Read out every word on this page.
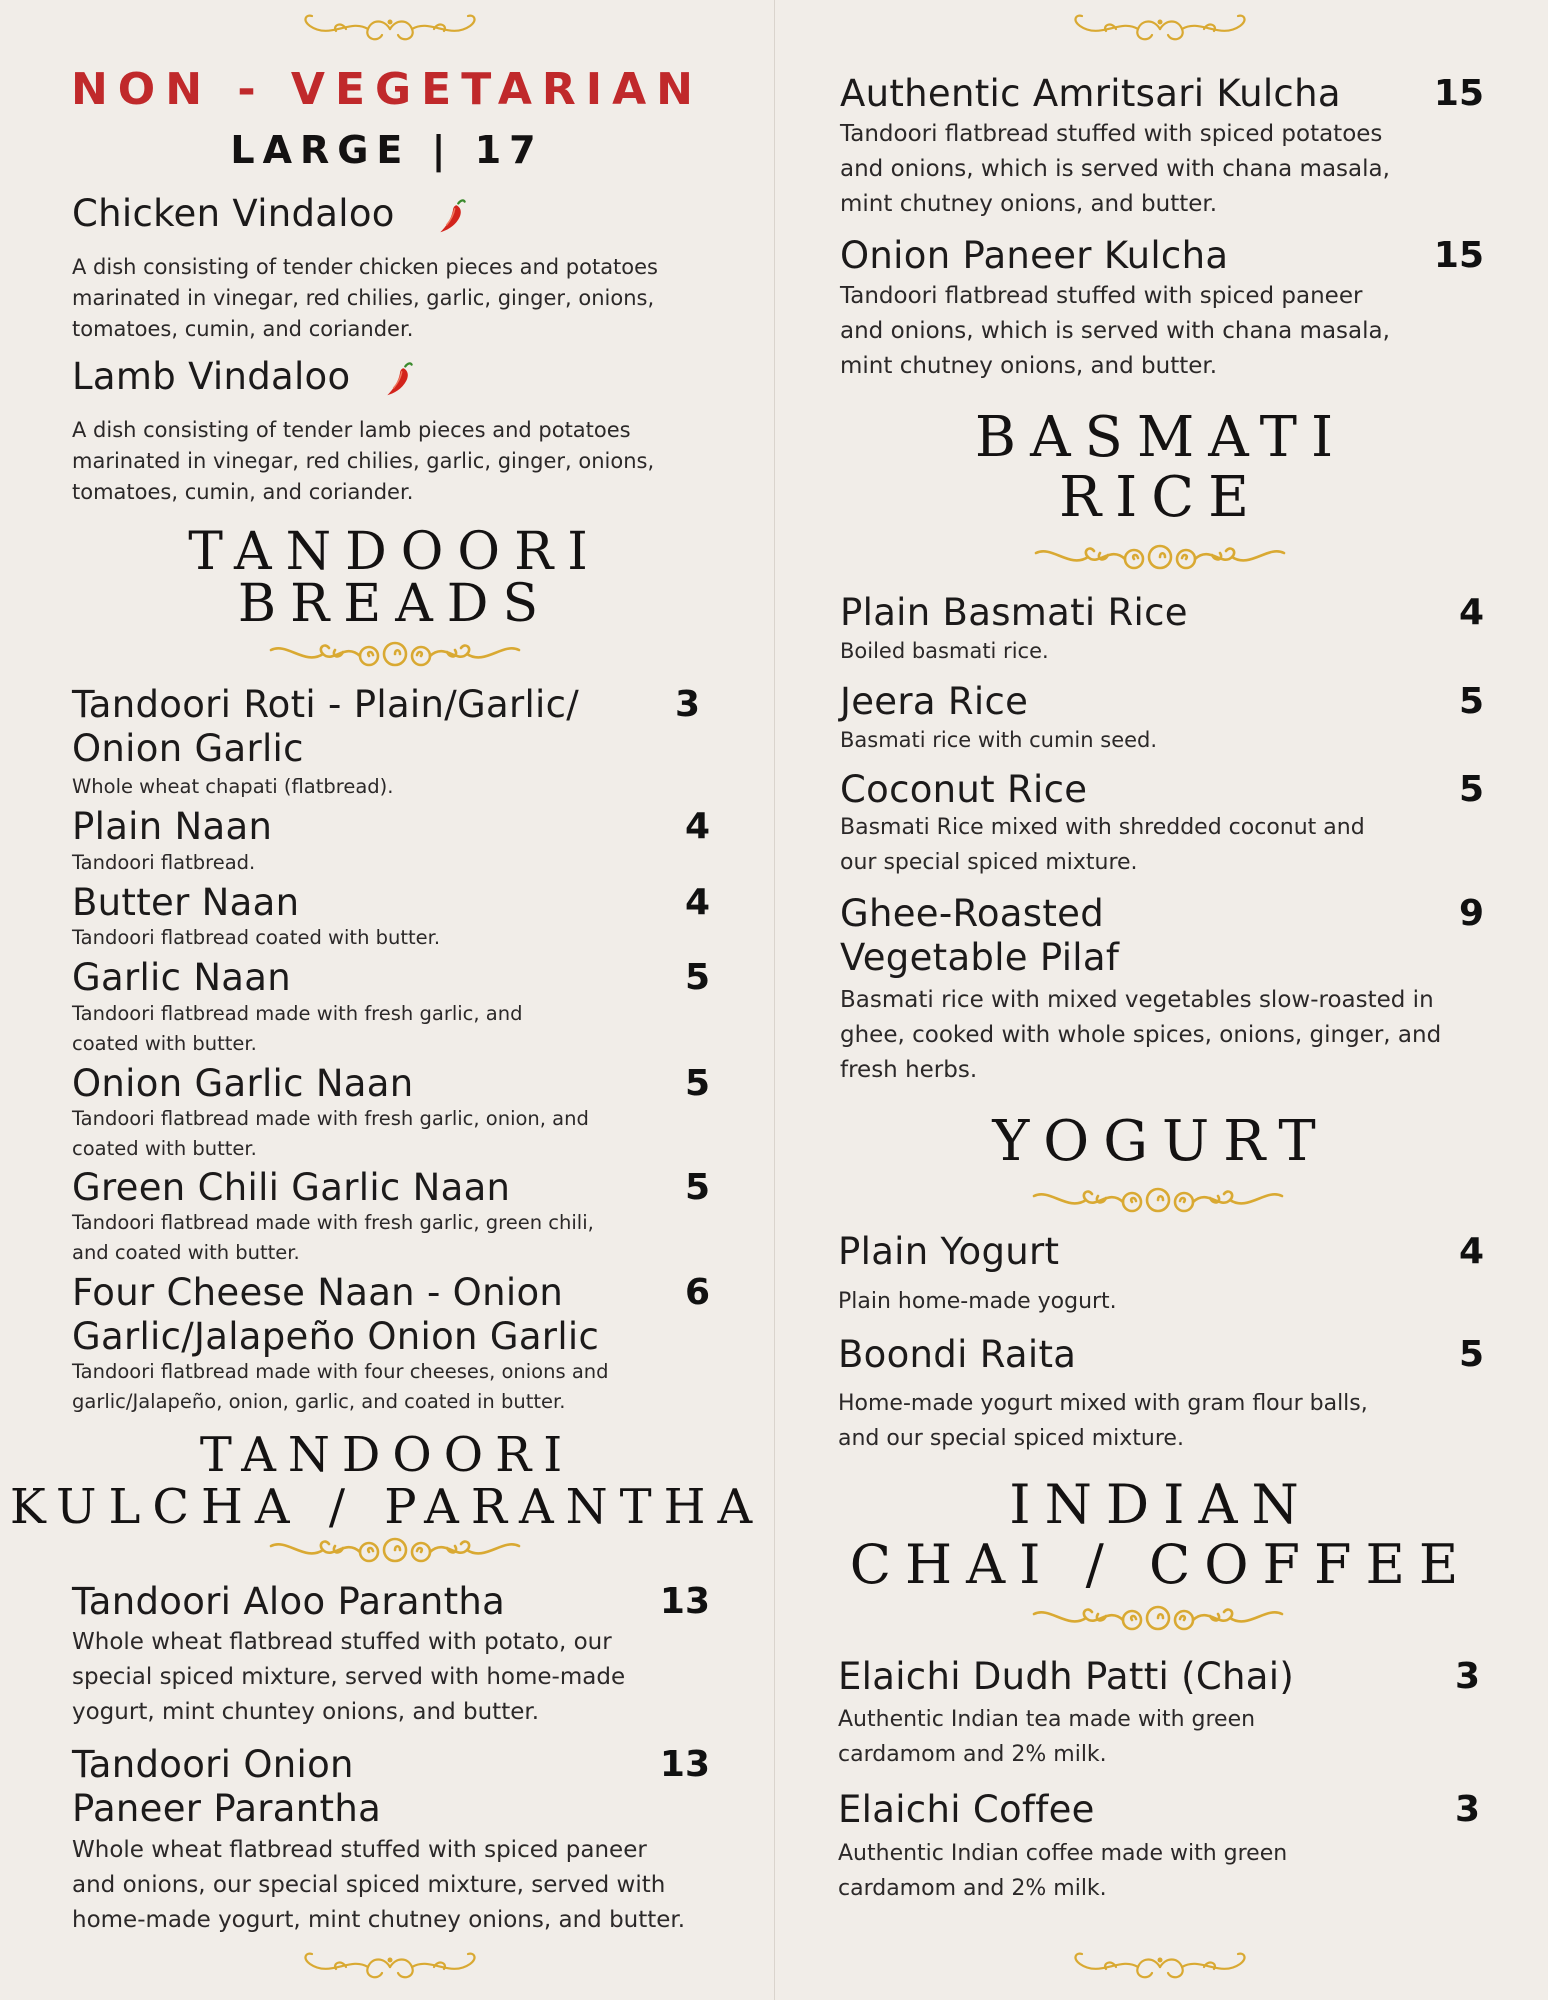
NON - VEGETARIAN
LARGE | 17
Chicken Vindaloo
A dish consisting of tender chicken pieces and potatoes
marinated in vinegar, red chilies, garlic, ginger, onions,
tomatoes, cumin, and coriander.
Lamb Vindaloo
A dish consisting of tender lamb pieces and potatoes
marinated in vinegar, red chilies, garlic, ginger, onions,
tomatoes, cumin, and coriander.
TANDOORI
BREADS
Tandoori Roti - Plain/Garlic/
Onion Garlic
3
Whole wheat chapati (flatbread).
Plain Naan	4
Tandoori flatbread.
Butter Naan	4
Tandoori flatbread coated with butter.
Garlic Naan	5
Tandoori flatbread made with fresh garlic, and
coated with butter.
Onion Garlic Naan	5
Tandoori flatbread made with fresh garlic, onion, and
coated with butter.
Green Chili Garlic Naan	5
Tandoori flatbread made with fresh garlic, green chili,
and coated with butter.
Four Cheese Naan - Onion
Garlic/Jalapeño Onion Garlic
6
Tandoori flatbread made with four cheeses, onions and
garlic/Jalapeño, onion, garlic, and coated in butter.
TANDOORI
KULCHA / PARANTHA
Tandoori Aloo Parantha	13
Whole wheat flatbread stuffed with potato, our
special spiced mixture, served with home-made
yogurt, mint chuntey onions, and butter.
Tandoori Onion
Paneer Parantha
13
Whole wheat flatbread stuffed with spiced paneer
and onions, our special spiced mixture, served with
home-made yogurt, mint chutney onions, and butter.
Authentic Amritsari Kulcha	15
Tandoori flatbread stuffed with spiced potatoes
and onions, which is served with chana masala,
mint chutney onions, and butter.
Onion Paneer Kulcha	15
Tandoori flatbread stuffed with spiced paneer
and onions, which is served with chana masala,
mint chutney onions, and butter.
BASMATI
RICE
Plain Basmati Rice	4
Boiled basmati rice.
Jeera Rice	5
Basmati rice with cumin seed.
Coconut Rice	5
Basmati Rice mixed with shredded coconut and
our special spiced mixture.
Ghee-Roasted
Vegetable Pilaf
9
Basmati rice with mixed vegetables slow-roasted in
ghee, cooked with whole spices, onions, ginger, and
fresh herbs.
YOGURT
Plain Yogurt	4
Plain home-made yogurt.
Boondi Raita	5
Home-made yogurt mixed with gram flour balls,
and our special spiced mixture.
INDIAN
CHAI / COFFEE
Elaichi Dudh Patti (Chai)	3
Authentic Indian tea made with green
cardamom and 2% milk.
Elaichi Coffee	3
Authentic Indian coffee made with green
cardamom and 2% milk.
